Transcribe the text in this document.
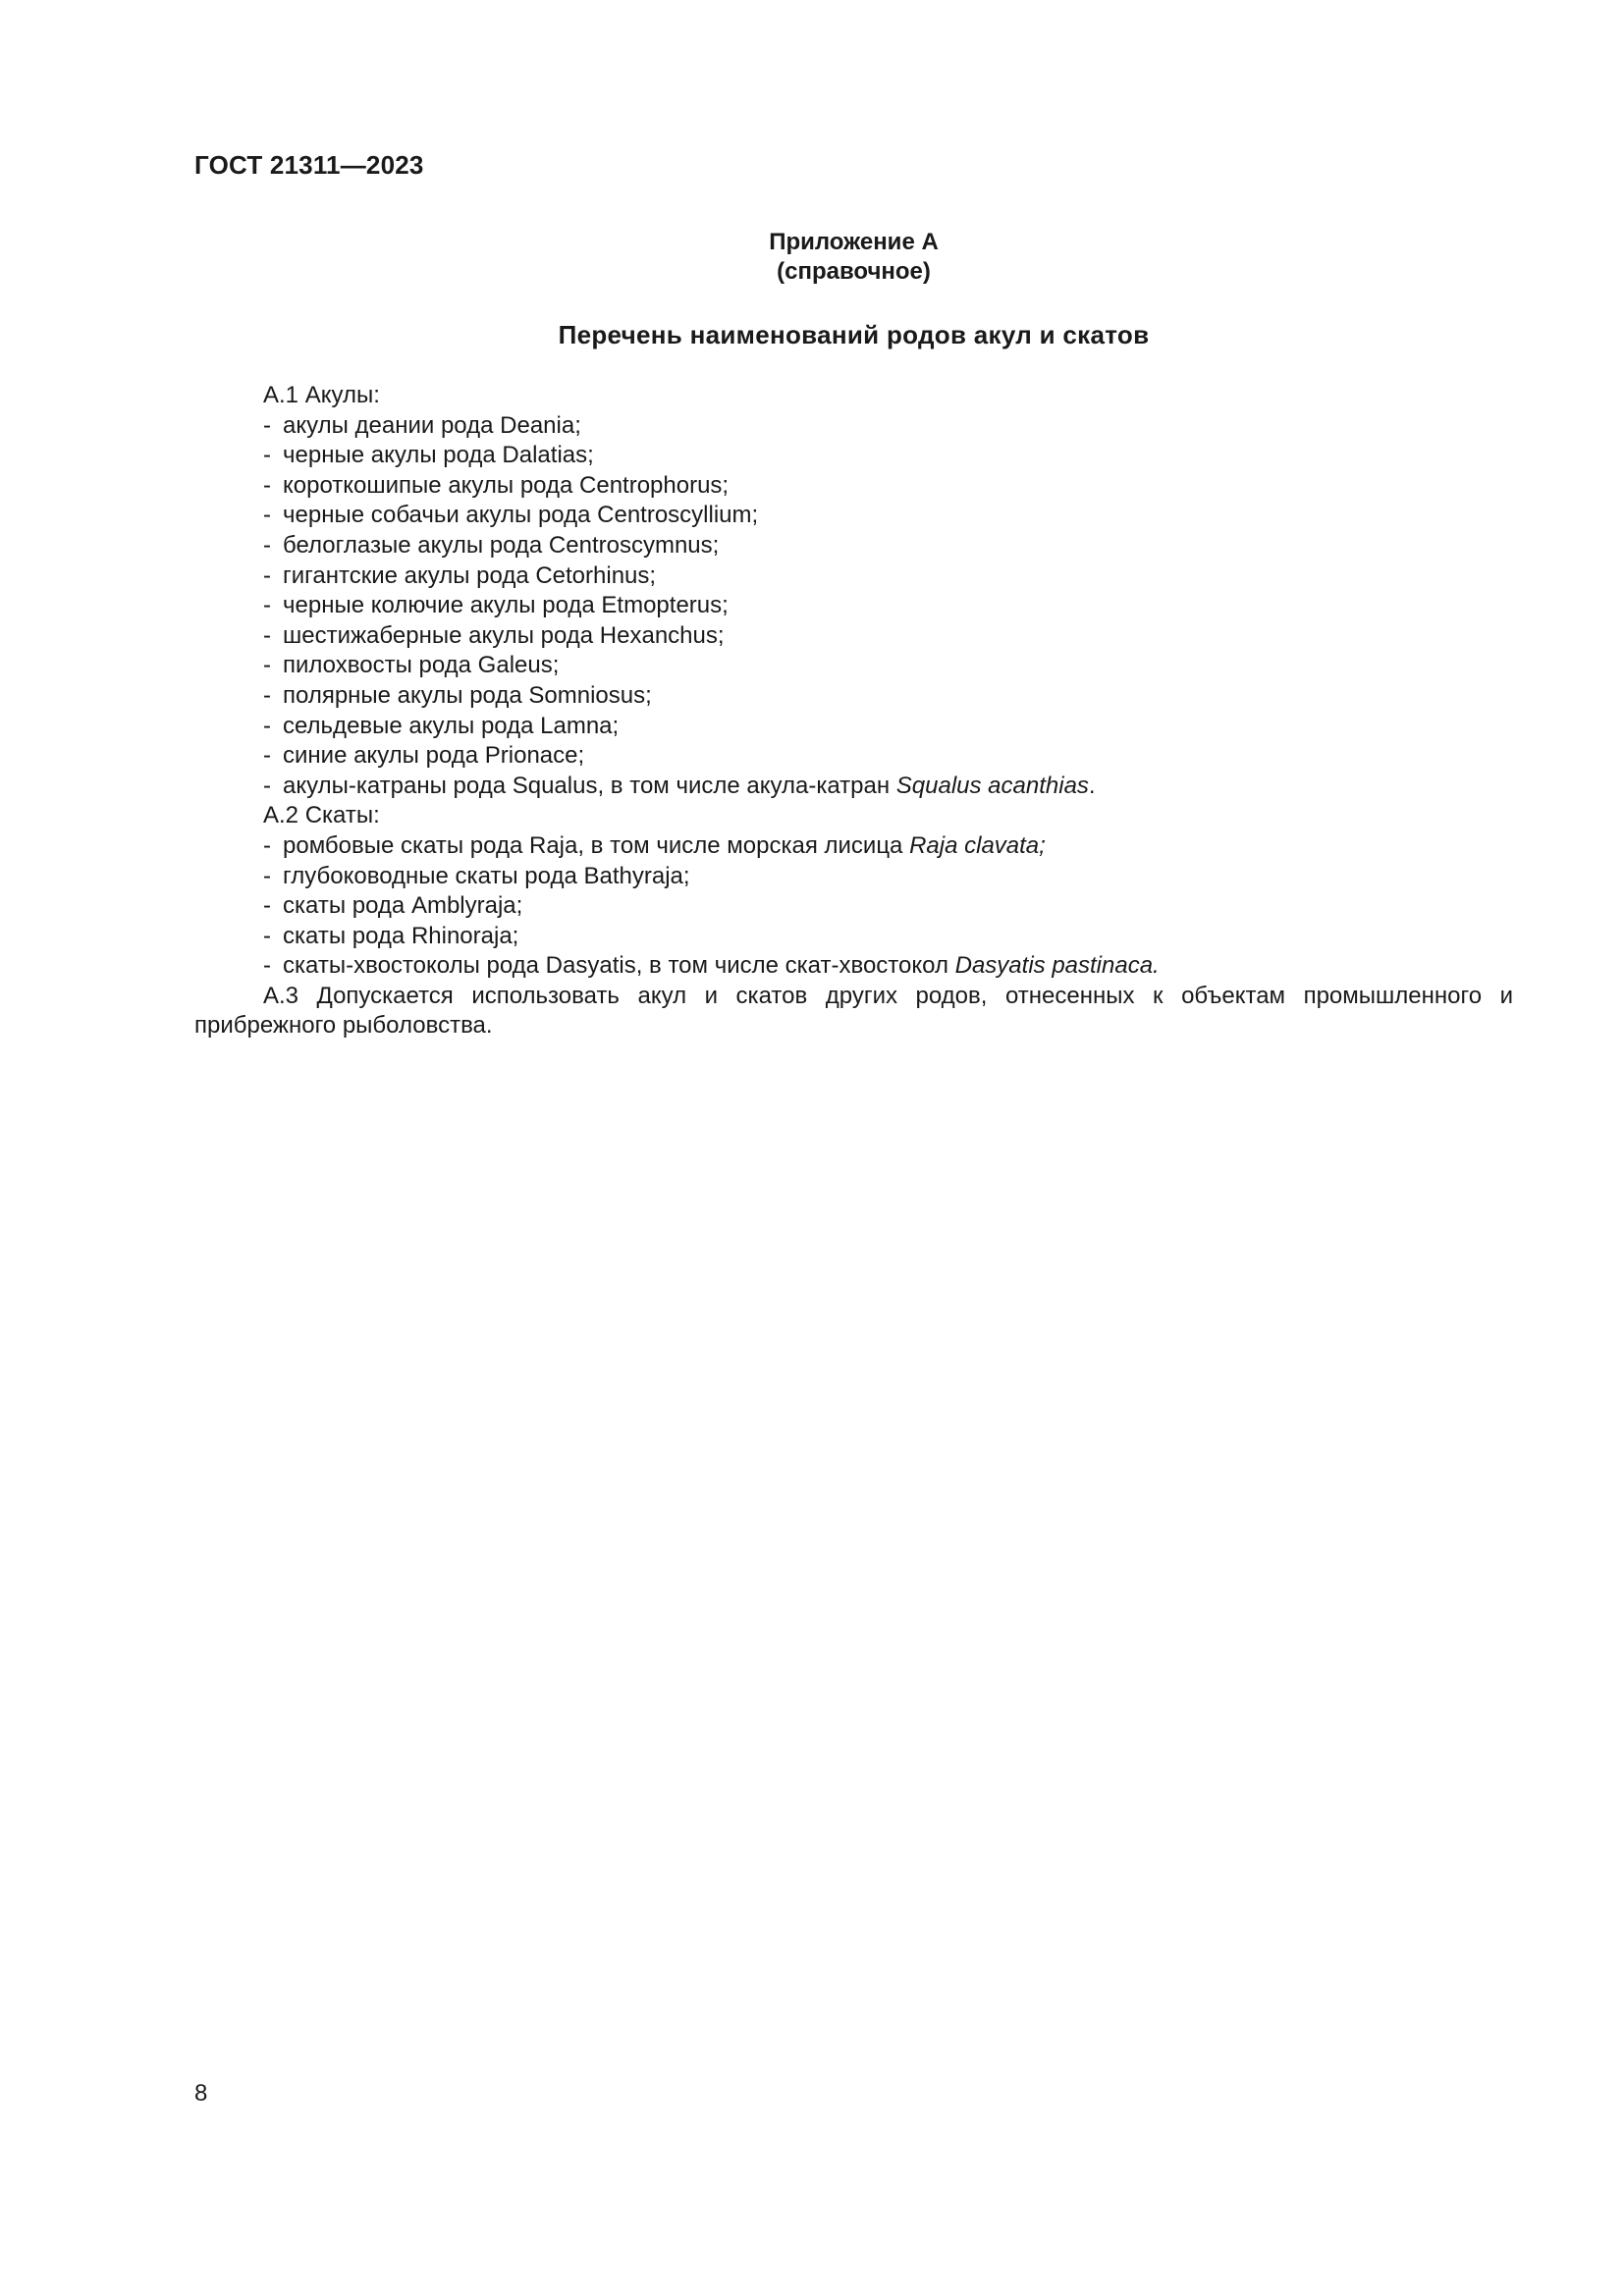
ГОСТ 21311—2023
Приложение А
(справочное)
Перечень наименований родов акул и скатов
А.1 Акулы:
- акулы деании рода Deania;
- черные акулы рода Dalatias;
- короткошипые акулы рода Centrophorus;
- черные собачьи акулы рода Centroscyllium;
- белоглазые акулы рода Centroscymnus;
- гигантские акулы рода Cetorhinus;
- черные колючие акулы рода Etmopterus;
- шестижаберные акулы рода Hexanchus;
- пилохвосты рода Galeus;
- полярные акулы рода Somniosus;
- сельдевые акулы рода Lamna;
- синие акулы рода Prionace;
- акулы-катраны рода Squalus, в том числе акула-катран Squalus acanthias.
А.2 Скаты:
- ромбовые скаты рода Raja, в том числе морская лисица Raja clavata;
- глубоководные скаты рода Bathyraja;
- скаты рода Amblyraja;
- скаты рода Rhinoraja;
- скаты-хвостоколы рода Dasyatis, в том числе скат-хвостокол Dasyatis pastinaca.
А.3 Допускается использовать акул и скатов других родов, отнесенных к объектам промышленного и
прибрежного рыболовства.
8
